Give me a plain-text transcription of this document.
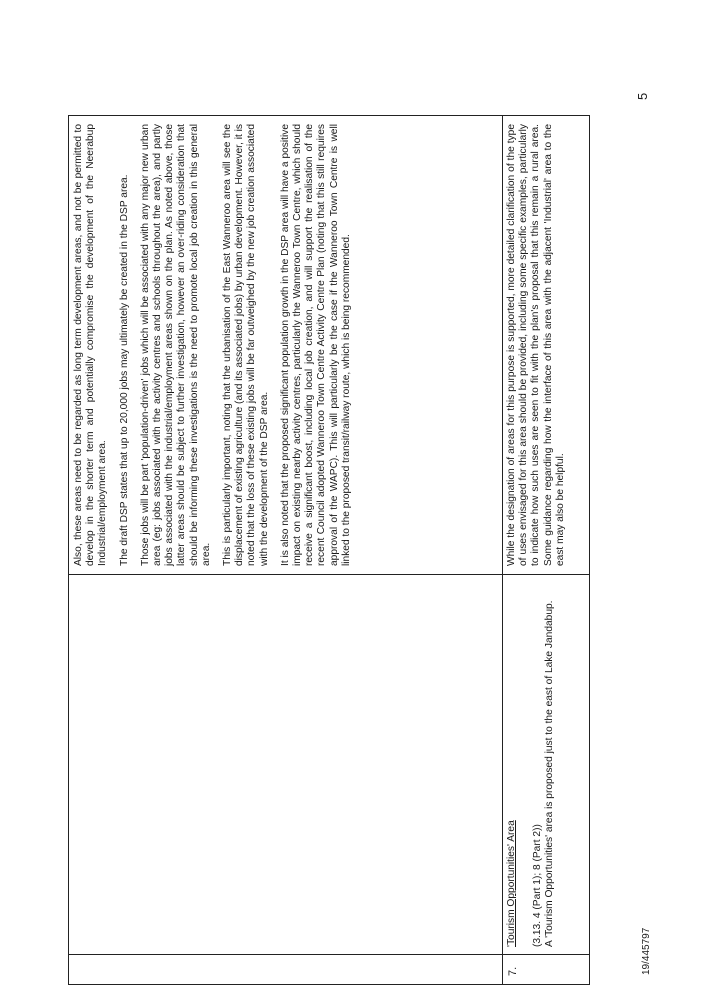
Also, these areas need to be regarded as long term development areas, and not be permitted to develop in the shorter term and potentially compromise the development of the Neerabup Industrial/employment area. The draft DSP states that up to 20,000 jobs may ultimately be created in the DSP area. Those jobs will be part 'population-driven' jobs which will be associated with any major new urban area (eg: jobs associated with the activity centres and schools throughout the area), and partly jobs associated with the industrial/employment areas shown on the plan. As noted above, those latter areas should be subject to further investigation, however an over-riding consideration that should be informing these investigations is the need to promote local job creation in this general area. This is particularly important, noting that the urbanisation of the East Wanneroo area will see the displacement of existing agriculture (and its associated jobs) by urban development. However, it is noted that the loss of these existing jobs will be far outweighed by the new job creation associated with the development of the DSP area. It is also noted that the proposed significant population growth in the DSP area will have a positive impact on existing nearby activity centres, particularly the Wanneroo Town Centre, which should receive a significant boost, including local job creation, and will support the realisation of the recent Council adopted Wanneroo Town Centre Activity Centre Plan (noting that this still requires approval of the WAPC). This will particularly be the case if the Wanneroo Town Centre is well linked to the proposed transit/railway route, which is being recommended.

7.

'Tourism Opportunities' Area (3.13. 4 (Part 1); 8 (Part 2)) A 'Tourism Opportunities' area is proposed just to the east of Lake Jandabup.

While the designation of areas for this purpose is supported, more detailed clarification of the type of uses envisaged for this area should be provided, including some specific examples, particularly to indicate how such uses are seen to fit with the plan's proposal that this remain a rural area. Some guidance regarding how the interface of this area with the adjacent 'Industrial' area to the east may also be helpful.

19/445797
5
